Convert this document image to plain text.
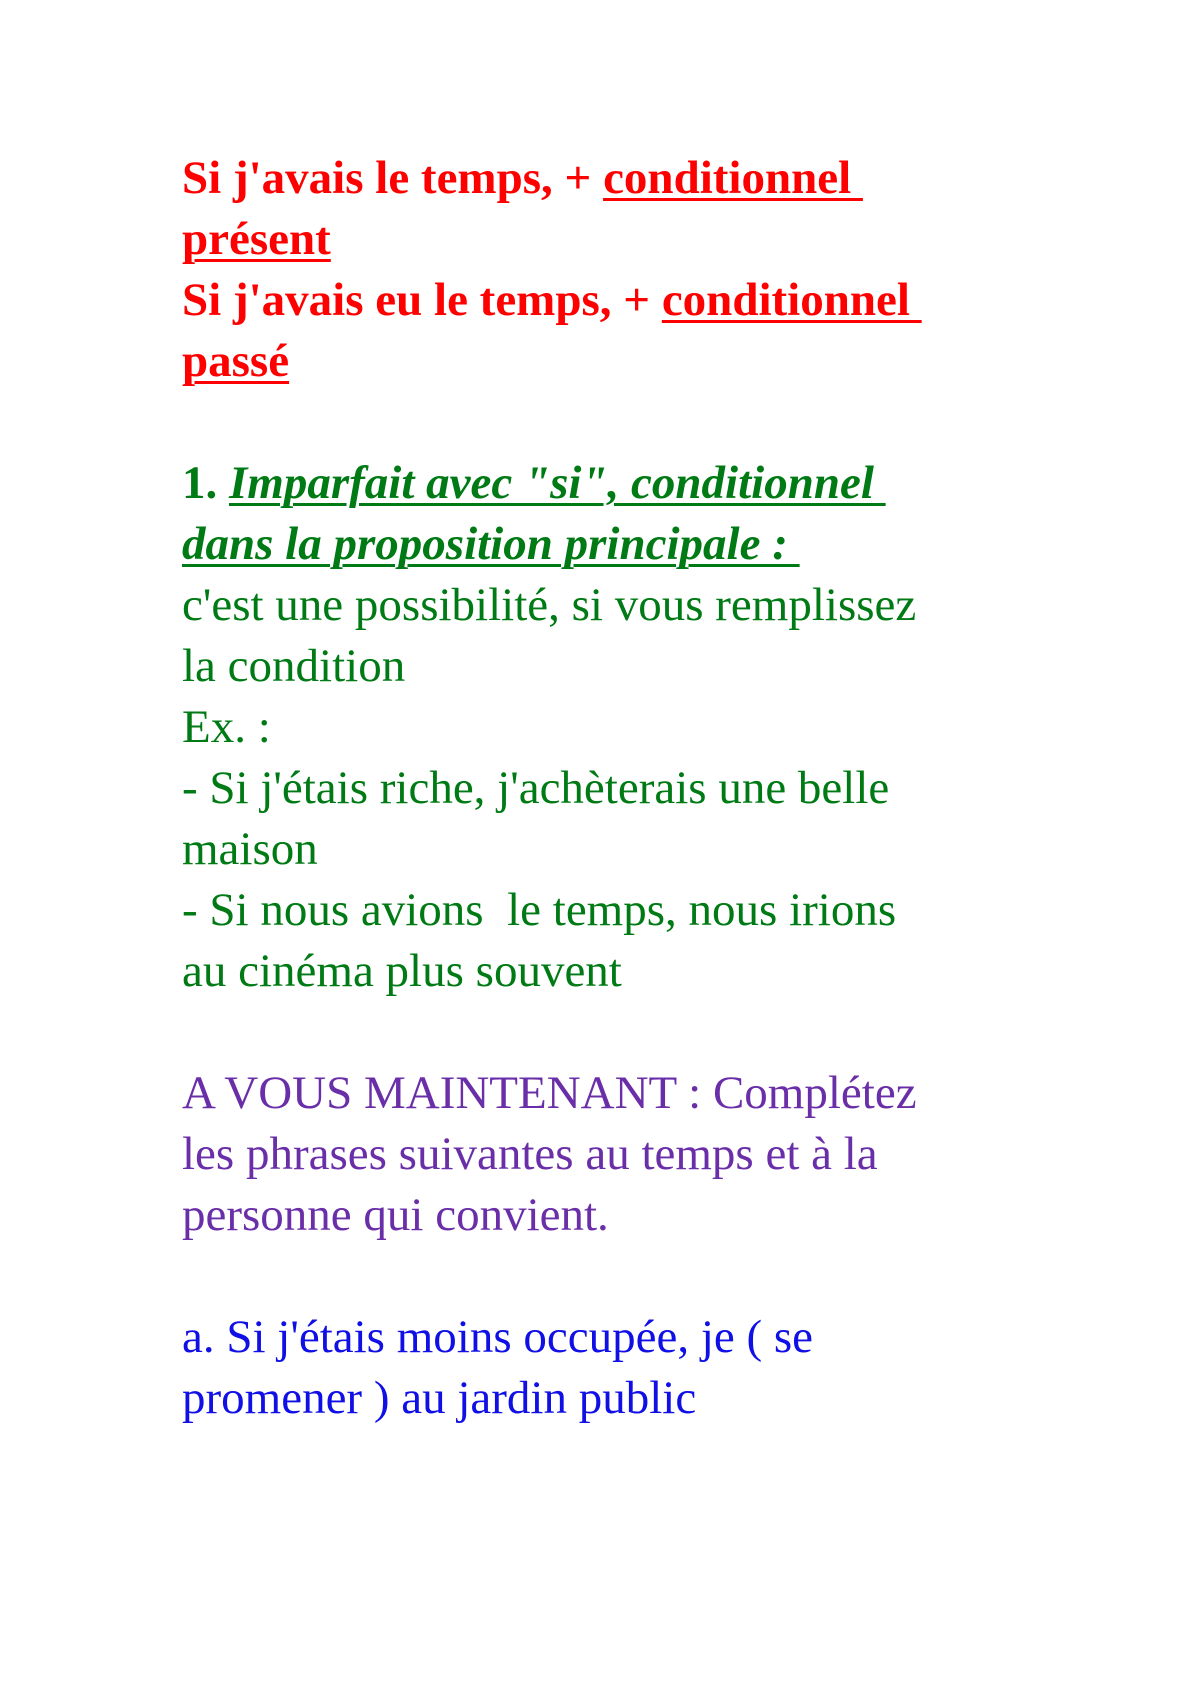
Si j'avais le temps, + conditionnel
présent
Si j'avais eu le temps, + conditionnel
passé
1. Imparfait avec "si", conditionnel
dans la proposition principale :
c'est une possibilité, si vous remplissez
la condition
Ex. :
- Si j'étais riche, j'achèterais une belle
maison
- Si nous avions  le temps, nous irions
au cinéma plus souvent
A VOUS MAINTENANT : Complétez
les phrases suivantes au temps et à la
personne qui convient.
a. Si j'étais moins occupée, je ( se
promener ) au jardin public
